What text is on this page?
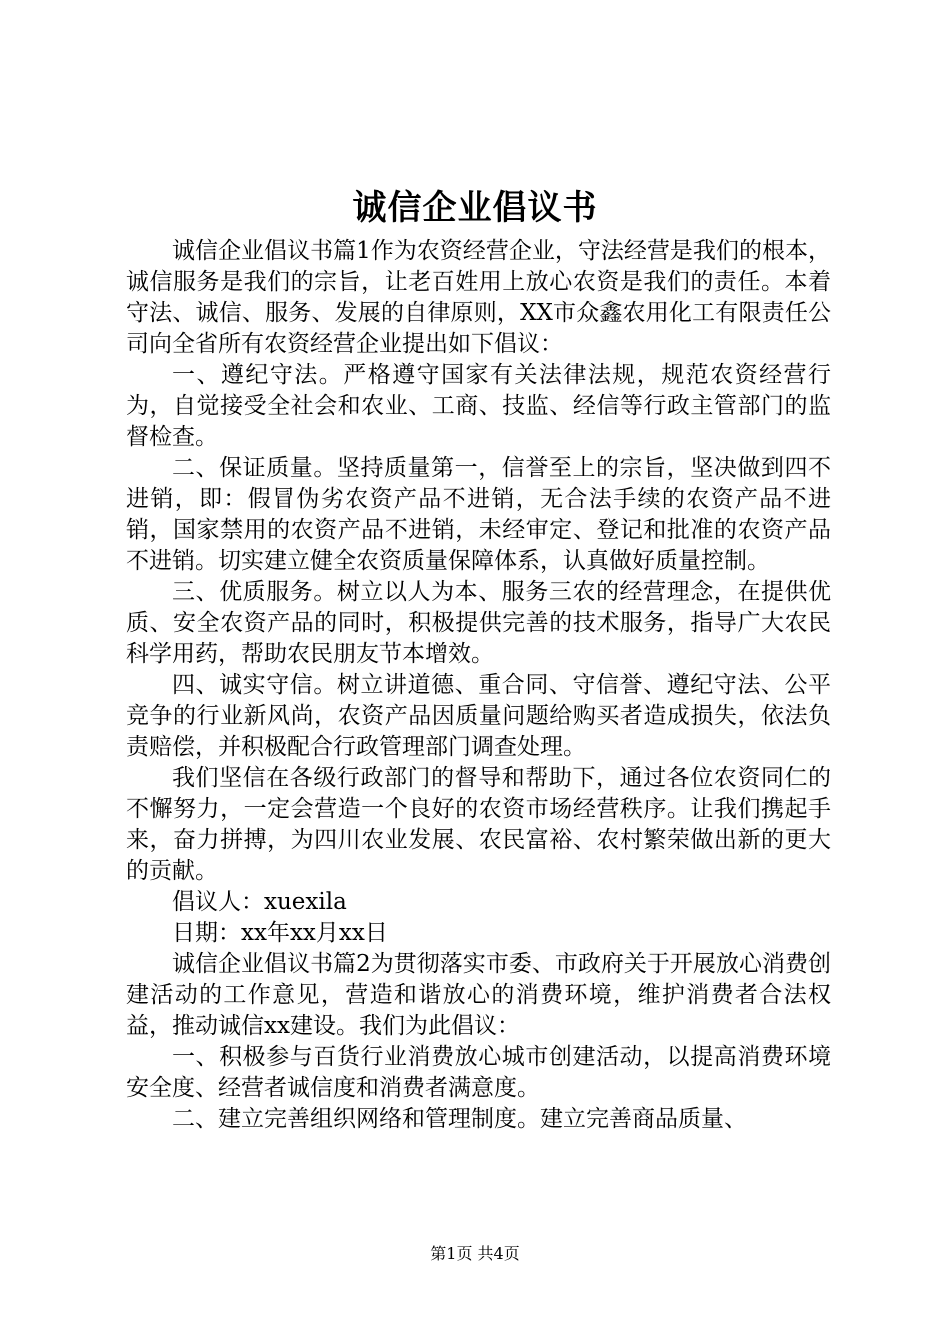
诚信企业倡议书

诚信企业倡议书篇1作为农资经营企业，守法经营是我们的根本，诚信服务是我们的宗旨，让老百姓用上放心农资是我们的责任。本着守法、诚信、服务、发展的自律原则，XX市众鑫农用化工有限责任公司向全省所有农资经营企业提出如下倡议：

一、遵纪守法。严格遵守国家有关法律法规，规范农资经营行为，自觉接受全社会和农业、工商、技监、经信等行政主管部门的监督检查。

二、保证质量。坚持质量第一，信誉至上的宗旨，坚决做到四不进销，即：假冒伪劣农资产品不进销，无合法手续的农资产品不进销，国家禁用的农资产品不进销，未经审定、登记和批准的农资产品不进销。切实建立健全农资质量保障体系，认真做好质量控制。

三、优质服务。树立以人为本、服务三农的经营理念，在提供优质、安全农资产品的同时，积极提供完善的技术服务，指导广大农民科学用药，帮助农民朋友节本增效。

四、诚实守信。树立讲道德、重合同、守信誉、遵纪守法、公平竞争的行业新风尚，农资产品因质量问题给购买者造成损失，依法负责赔偿，并积极配合行政管理部门调查处理。

我们坚信在各级行政部门的督导和帮助下，通过各位农资同仁的不懈努力，一定会营造一个良好的农资市场经营秩序。让我们携起手来，奋力拼搏，为四川农业发展、农民富裕、农村繁荣做出新的更大的贡献。

倡议人：xuexila

日期：xx年xx月xx日

诚信企业倡议书篇2为贯彻落实市委、市政府关于开展放心消费创建活动的工作意见，营造和谐放心的消费环境，维护消费者合法权益，推动诚信xx建设。我们为此倡议：

一、积极参与百货行业消费放心城市创建活动，以提高消费环境安全度、经营者诚信度和消费者满意度。

二、建立完善组织网络和管理制度。建立完善商品质量、

第1页 共4页
